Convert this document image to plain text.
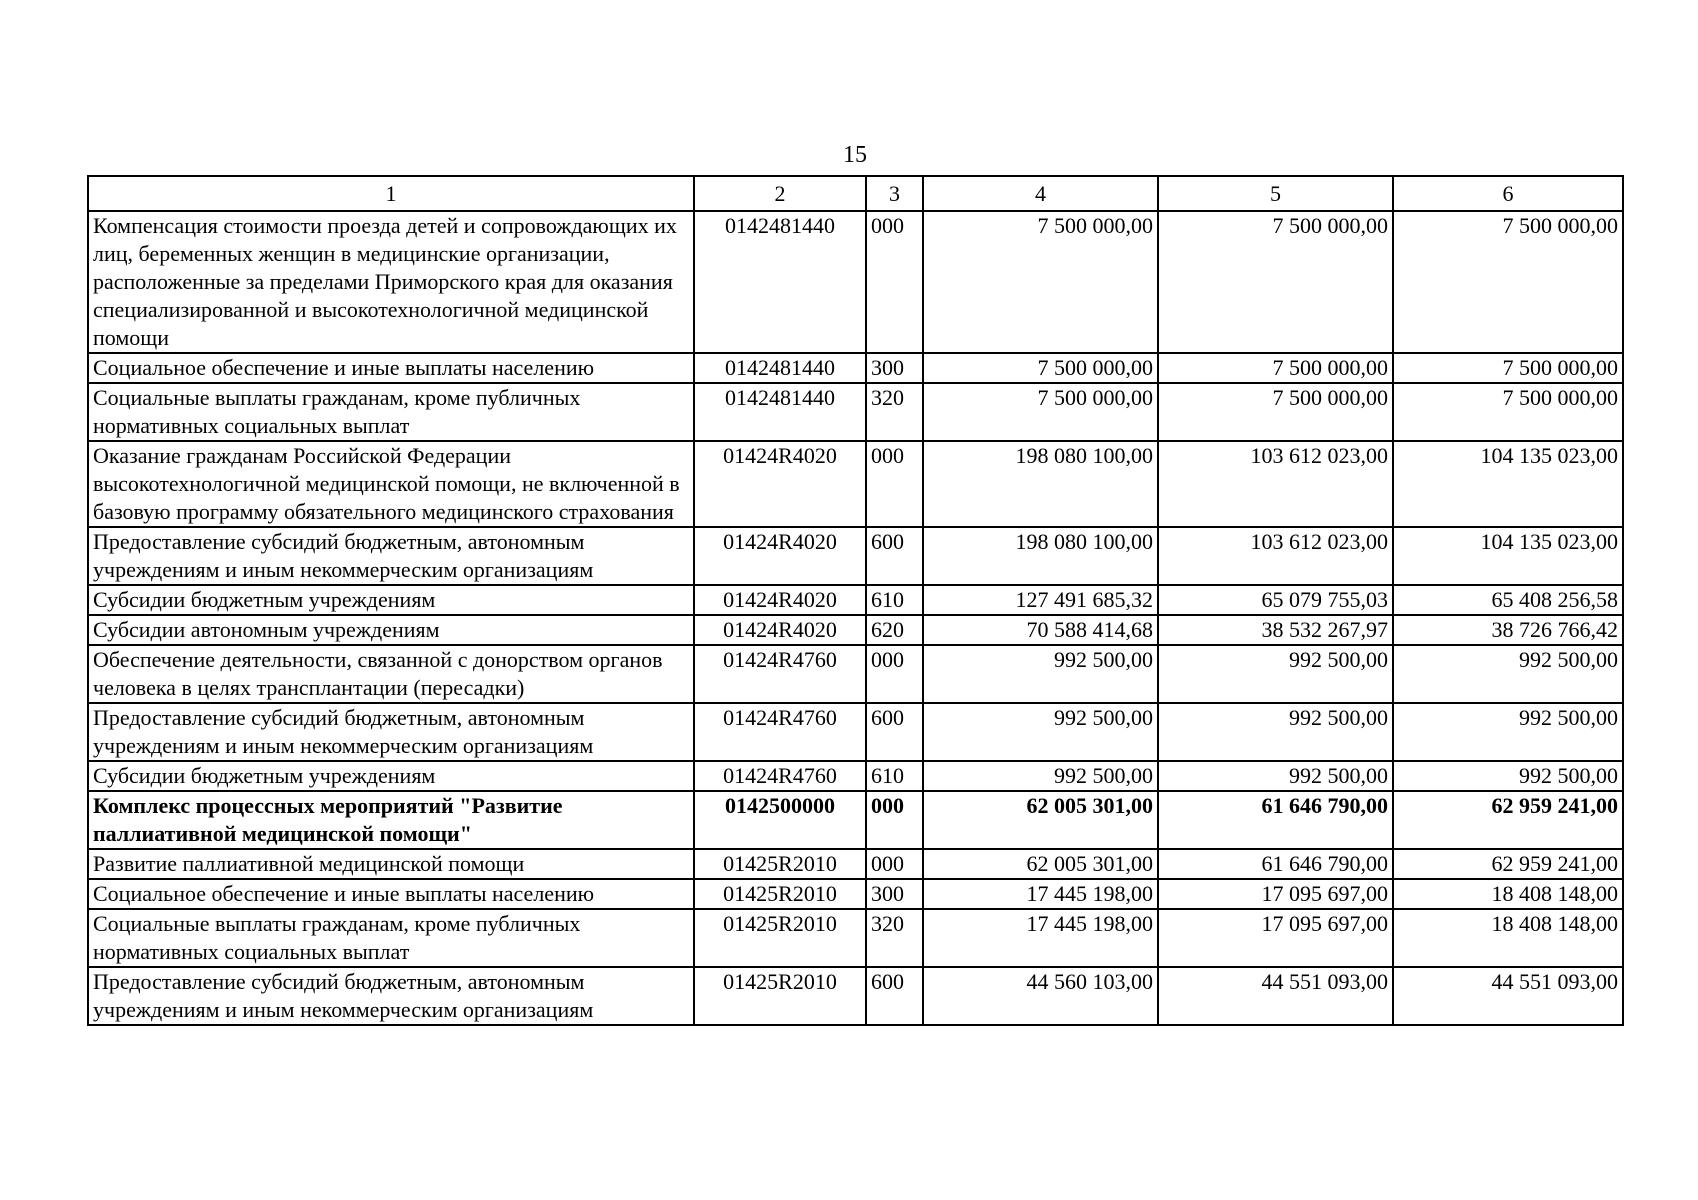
15
1	2	3	4	5	6
Компенсация стоимости проезда детей и сопровождающих их лиц, беременных женщин в медицинские организации, расположенные за пределами Приморского края для оказания специализированной и высокотехнологичной медицинской помощи	0142481440	000	7 500 000,00	7 500 000,00	7 500 000,00
Социальное обеспечение и иные выплаты населению	0142481440	300	7 500 000,00	7 500 000,00	7 500 000,00
Социальные выплаты гражданам, кроме публичных нормативных социальных выплат	0142481440	320	7 500 000,00	7 500 000,00	7 500 000,00
Оказание гражданам Российской Федерации высокотехнологичной медицинской помощи, не включенной в базовую программу обязательного медицинского страхования	01424R4020	000	198 080 100,00	103 612 023,00	104 135 023,00
Предоставление субсидий бюджетным, автономным учреждениям и иным некоммерческим организациям	01424R4020	600	198 080 100,00	103 612 023,00	104 135 023,00
Субсидии бюджетным учреждениям	01424R4020	610	127 491 685,32	65 079 755,03	65 408 256,58
Субсидии автономным учреждениям	01424R4020	620	70 588 414,68	38 532 267,97	38 726 766,42
Обеспечение деятельности, связанной с донорством органов человека в целях трансплантации (пересадки)	01424R4760	000	992 500,00	992 500,00	992 500,00
Предоставление субсидий бюджетным, автономным учреждениям и иным некоммерческим организациям	01424R4760	600	992 500,00	992 500,00	992 500,00
Субсидии бюджетным учреждениям	01424R4760	610	992 500,00	992 500,00	992 500,00
Комплекс процессных мероприятий "Развитие паллиативной медицинской помощи"	0142500000	000	62 005 301,00	61 646 790,00	62 959 241,00
Развитие паллиативной медицинской помощи	01425R2010	000	62 005 301,00	61 646 790,00	62 959 241,00
Социальное обеспечение и иные выплаты населению	01425R2010	300	17 445 198,00	17 095 697,00	18 408 148,00
Социальные выплаты гражданам, кроме публичных нормативных социальных выплат	01425R2010	320	17 445 198,00	17 095 697,00	18 408 148,00
Предоставление субсидий бюджетным, автономным учреждениям и иным некоммерческим организациям	01425R2010	600	44 560 103,00	44 551 093,00	44 551 093,00
